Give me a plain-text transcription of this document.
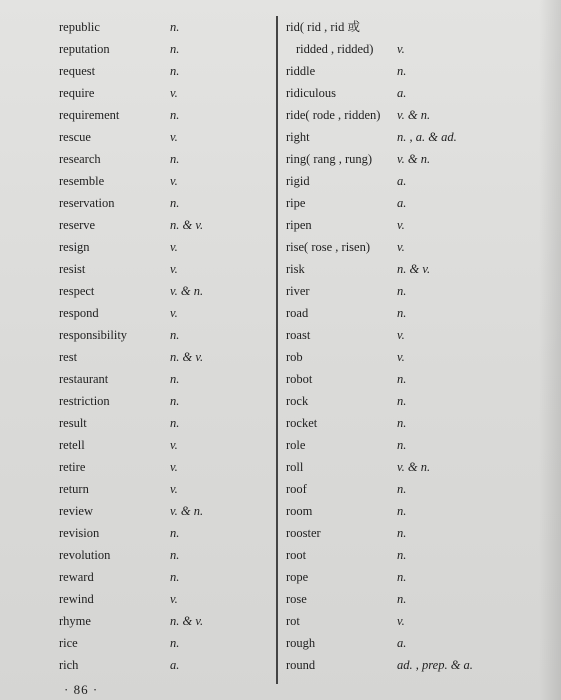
republic	n.
reputation	n.
request	n.
require	v.
requirement	n.
rescue	v.
research	n.
resemble	v.
reservation	n.
reserve	n. & v.
resign	v.
resist	v.
respect	v. & n.
respond	v.
responsibility	n.
rest	n. & v.
restaurant	n.
restriction	n.
result	n.
retell	v.
retire	v.
return	v.
review	v. & n.
revision	n.
revolution	n.
reward	n.
rewind	v.
rhyme	n. & v.
rice	n.
rich	a.
rid( rid , rid 或
ridded , ridded) v.
riddle	n.
ridiculous	a.
ride( rode , ridden) v. & n.
right	n. , a. & ad.
ring( rang , rung) v. & n.
rigid	a.
ripe	a.
ripen	v.
rise( rose , risen) v.
risk	n. & v.
river	n.
road	n.
roast	v.
rob	v.
robot	n.
rock	n.
rocket	n.
role	n.
roll	v. & n.
roof	n.
room	n.
rooster	n.
root	n.
rope	n.
rose	n.
rot	v.
rough	a.
round	ad. , prep. & a.
· 86 ·
